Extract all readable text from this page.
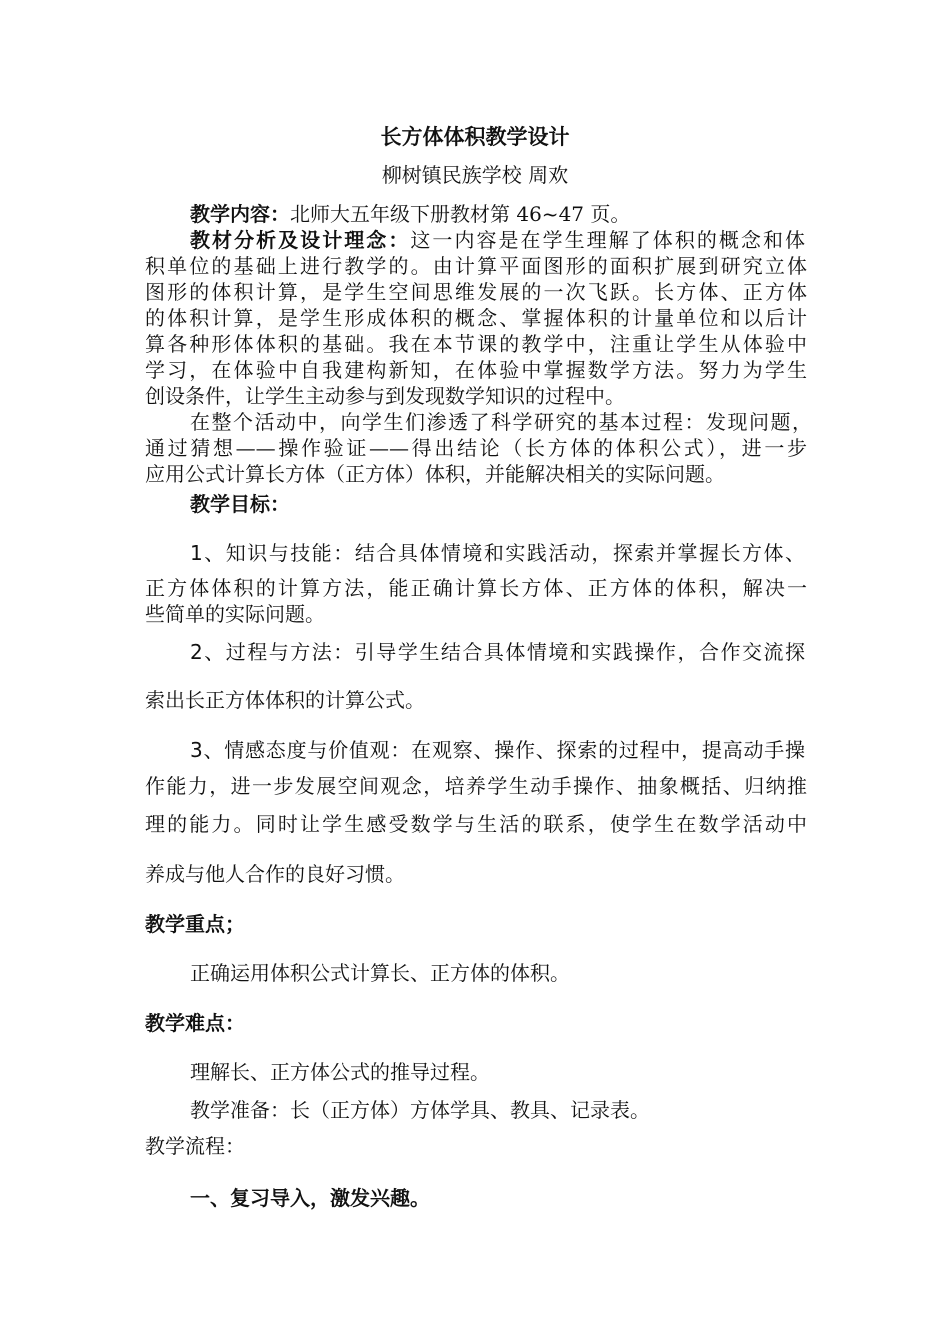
长方体体积教学设计
柳树镇民族学校 周欢
教学内容：北师大五年级下册教材第 46~47 页。
教材分析及设计理念：这一内容是在学生理解了体积的概念和体
积单位的基础上进行教学的。由计算平面图形的面积扩展到研究立体
图形的体积计算，是学生空间思维发展的一次飞跃。长方体、正方体
的体积计算，是学生形成体积的概念、掌握体积的计量单位和以后计
算各种形体体积的基础。我在本节课的教学中，注重让学生从体验中
学习，在体验中自我建构新知，在体验中掌握数学方法。努力为学生
创设条件，让学生主动参与到发现数学知识的过程中。
在整个活动中，向学生们渗透了科学研究的基本过程：发现问题，
通过猜想——操作验证——得出结论（长方体的体积公式），进一步
应用公式计算长方体（正方体）体积，并能解决相关的实际问题。
教学目标：
1、知识与技能：结合具体情境和实践活动，探索并掌握长方体、
正方体体积的计算方法，能正确计算长方体、正方体的体积，解决一
些简单的实际问题。
2、过程与方法：引导学生结合具体情境和实践操作，合作交流探
索出长正方体体积的计算公式。
3、情感态度与价值观：在观察、操作、探索的过程中，提高动手操
作能力，进一步发展空间观念，培养学生动手操作、抽象概括、归纳推
理的能力。同时让学生感受数学与生活的联系，使学生在数学活动中
养成与他人合作的良好习惯。
教学重点；
正确运用体积公式计算长、正方体的体积。
教学难点：
理解长、正方体公式的推导过程。
教学准备：长（正方体）方体学具、教具、记录表。
教学流程：
一、复习导入，激发兴趣。
